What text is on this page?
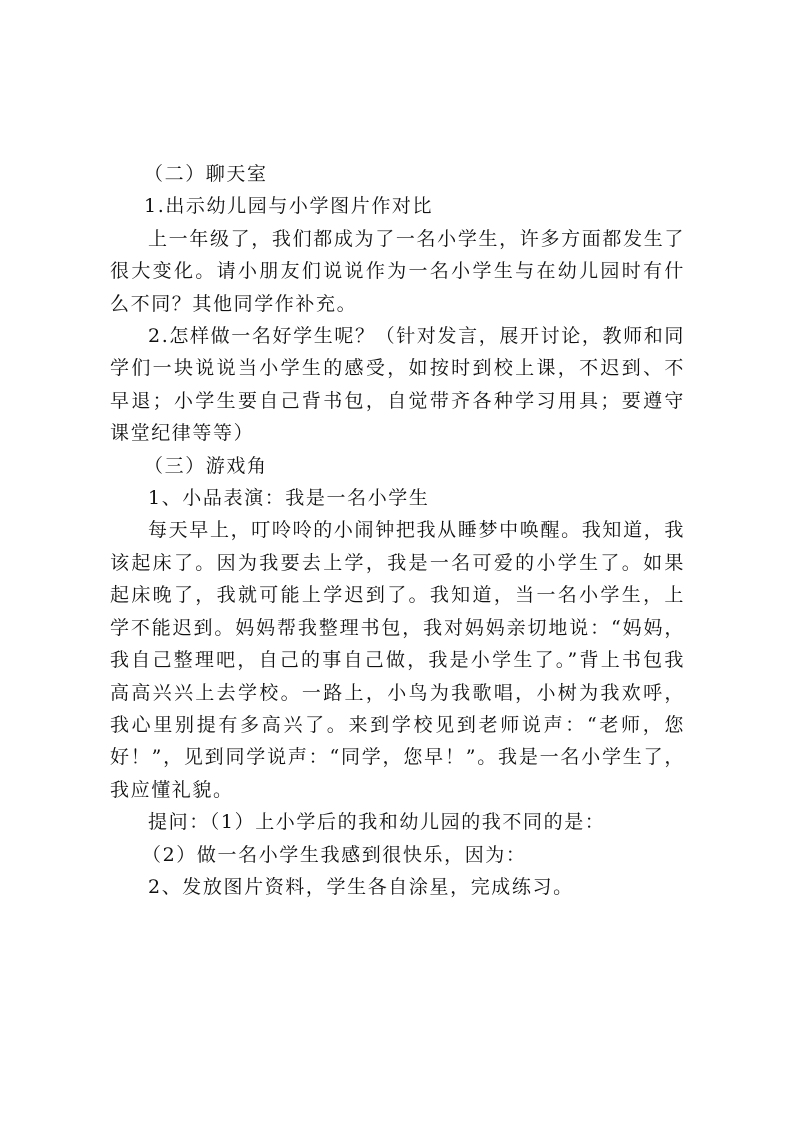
（二）聊天室

1.出示幼儿园与小学图片作对比

上一年级了，我们都成为了一名小学生，许多方面都发生了很大变化。请小朋友们说说作为一名小学生与在幼儿园时有什么不同？其他同学作补充。

2.怎样做一名好学生呢？（针对发言，展开讨论，教师和同学们一块说说当小学生的感受，如按时到校上课，不迟到、不早退；小学生要自己背书包，自觉带齐各种学习用具；要遵守课堂纪律等等）

（三）游戏角

1、小品表演：我是一名小学生

每天早上，叮呤呤的小闹钟把我从睡梦中唤醒。我知道，我该起床了。因为我要去上学，我是一名可爱的小学生了。如果起床晚了，我就可能上学迟到了。我知道，当一名小学生，上学不能迟到。妈妈帮我整理书包，我对妈妈亲切地说：“妈妈，我自己整理吧，自己的事自己做，我是小学生了。”背上书包我高高兴兴上去学校。一路上，小鸟为我歌唱，小树为我欢呼，我心里别提有多高兴了。来到学校见到老师说声：“老师，您好！”，见到同学说声：“同学，您早！”。我是一名小学生了，我应懂礼貌。

提问：（1）上小学后的我和幼儿园的我不同的是：

（2）做一名小学生我感到很快乐，因为：

2、发放图片资料，学生各自涂星，完成练习。
